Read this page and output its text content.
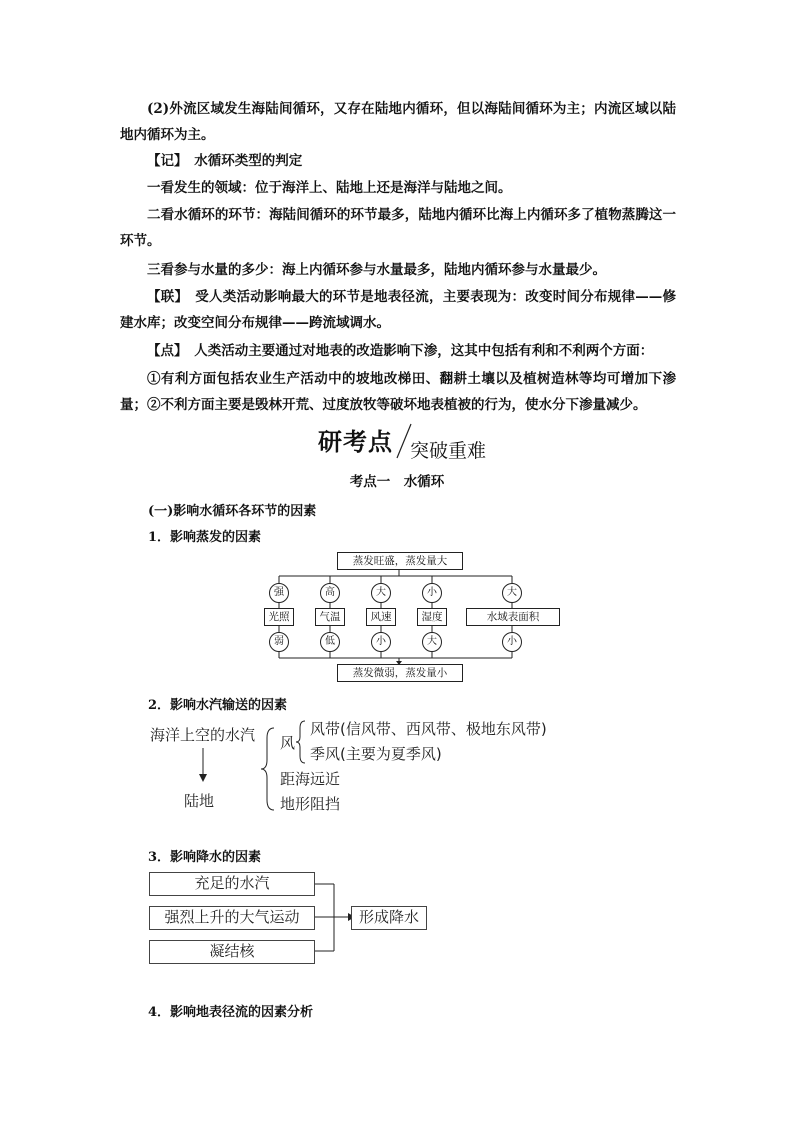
(2)外流区域发生海陆间循环，又存在陆地内循环，但以海陆间循环为主；内流区域以陆地内循环为主。
【记】　 水循环类型的判定
一看发生的领域：位于海洋上、陆地上还是海洋与陆地之间。
二看水循环的环节：海陆间循环的环节最多，陆地内循环比海上内循环多了植物蒸腾这一环节。
三看参与水量的多少：海上内循环参与水量最多，陆地内循环参与水量最少。
【联】　 受人类活动影响最大的环节是地表径流，主要表现为：改变时间分布规律——修建水库；改变空间分布规律——跨流域调水。
【点】　 人类活动主要通过对地表的改造影响下渗，这其中包括有利和不利两个方面：
①有利方面包括农业生产活动中的坡地改梯田、翻耕土壤以及植树造林等均可增加下渗量；②不利方面主要是毁林开荒、过度放牧等破坏地表植被的行为，使水分下渗量减少。
研考点 突破重难
考点一　水循环
(一)影响水循环各环节的因素
1．影响蒸发的因素
蒸发旺盛，蒸发量大
强	高	大	小	大
光照	气温	风速	湿度	水域表面积
弱	低	小	大	小
蒸发微弱，蒸发量小
2．影响水汽输送的因素
海洋上空的水汽
陆地
风
风带(信风带、西风带、极地东风带)
季风(主要为夏季风)
距海远近
地形阻挡
3．影响降水的因素
充足的水汽
强烈上升的大气运动
凝结核
形成降水
4．影响地表径流的因素分析
